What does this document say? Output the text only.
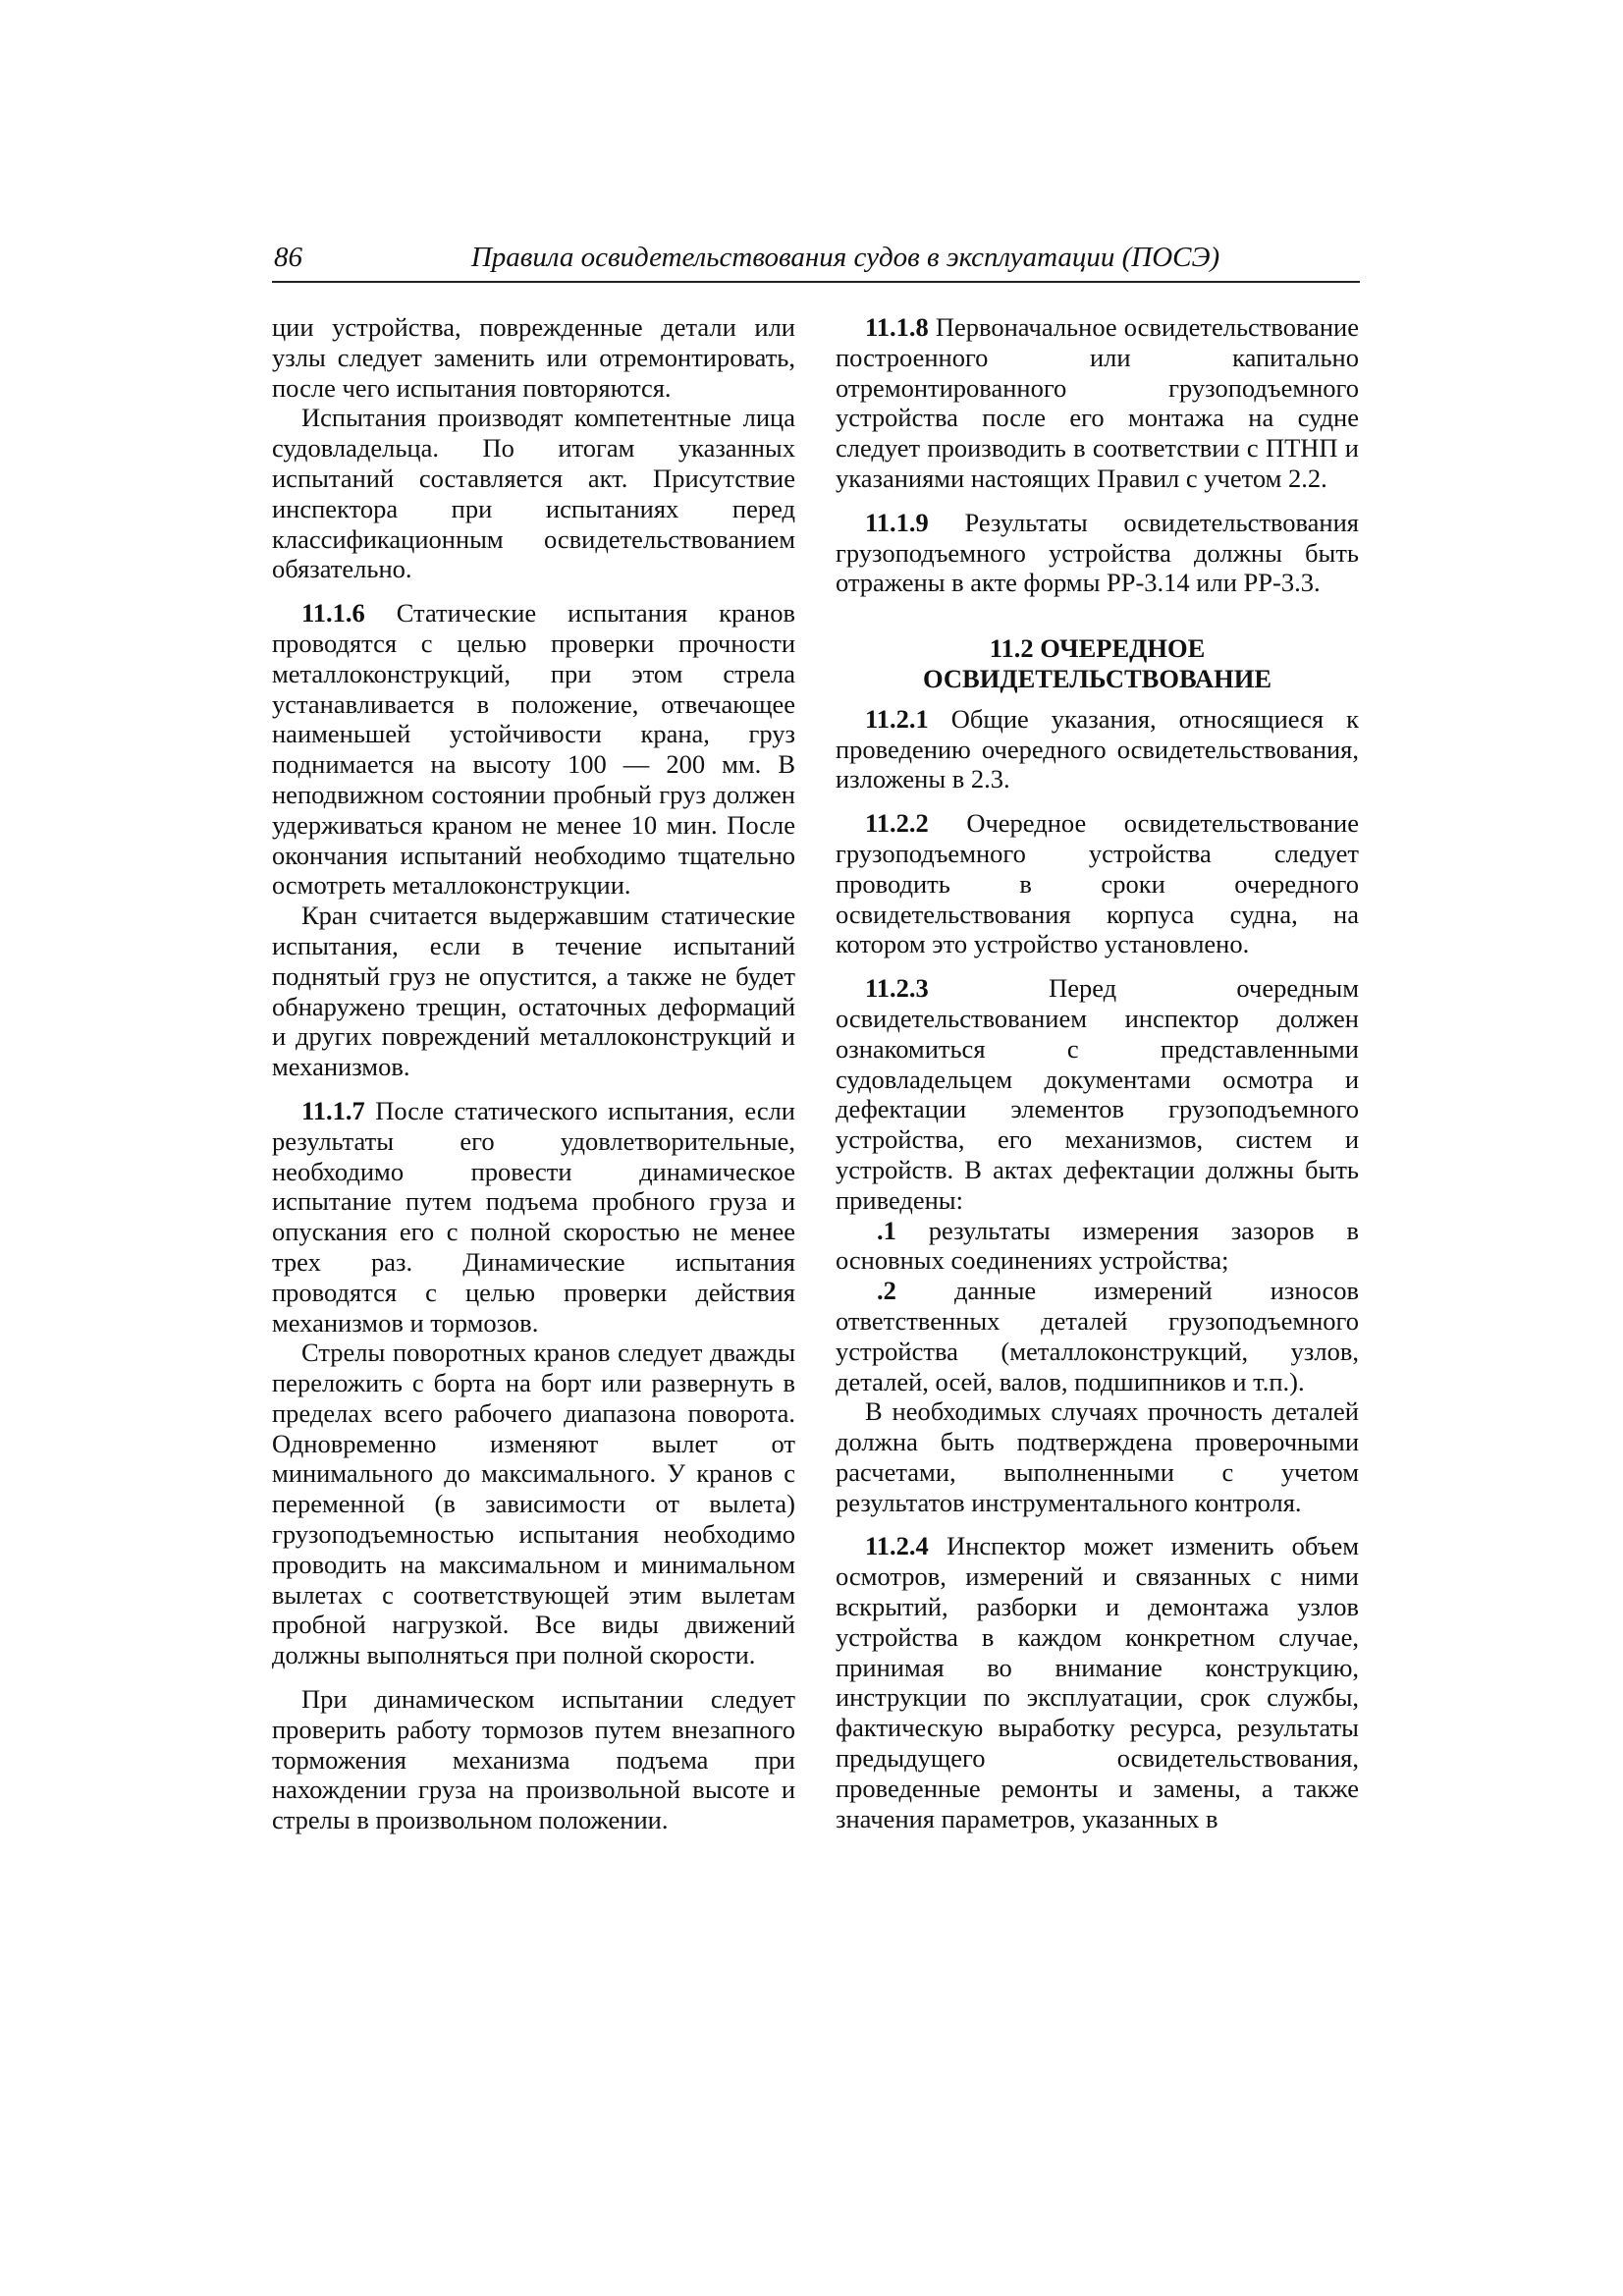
86	Правила освидетельствования судов в эксплуатации (ПОСЭ)

ции устройства, поврежденные детали или узлы следует заменить или отремонтировать, после чего испытания повторяются.

Испытания производят компетентные лица судовладельца. По итогам указанных испытаний составляется акт. Присутствие инспектора при испытаниях перед классификационным освидетельствованием обязательно.

11.1.6 Статические испытания кранов проводятся с целью проверки прочности металлоконструкций, при этом стрела устанавливается в положение, отвечающее наименьшей устойчивости крана, груз поднимается на высоту 100 — 200 мм. В неподвижном состоянии пробный груз должен удерживаться краном не менее 10 мин. После окончания испытаний необходимо тщательно осмотреть металлоконструкции.

Кран считается выдержавшим статические испытания, если в течение испытаний поднятый груз не опустится, а также не будет обнаружено трещин, остаточных деформаций и других повреждений металлоконструкций и механизмов.

11.1.7 После статического испытания, если результаты его удовлетворительные, необходимо провести динамическое испытание путем подъема пробного груза и опускания его с полной скоростью не менее трех раз. Динамические испытания проводятся с целью проверки действия механизмов и тормозов.

Стрелы поворотных кранов следует дважды переложить с борта на борт или развернуть в пределах всего рабочего диапазона поворота. Одновременно изменяют вылет от минимального до максимального. У кранов с переменной (в зависимости от вылета) грузоподъемностью испытания необходимо проводить на максимальном и минимальном вылетах с соответствующей этим вылетам пробной нагрузкой. Все виды движений должны выполняться при полной скорости.

При динамическом испытании следует проверить работу тормозов путем внезапного торможения механизма подъема при нахождении груза на произвольной высоте и стрелы в произвольном положении.

11.1.8 Первоначальное освидетельствование построенного или капитально отремонтированного грузоподъемного устройства после его монтажа на судне следует производить в соответствии с ПТНП и указаниями настоящих Правил с учетом 2.2.

11.1.9 Результаты освидетельствования грузоподъемного устройства должны быть отражены в акте формы РР-3.14 или РР-3.3.

11.2 ОЧЕРЕДНОЕ
ОСВИДЕТЕЛЬСТВОВАНИЕ

11.2.1 Общие указания, относящиеся к проведению очередного освидетельствования, изложены в 2.3.

11.2.2 Очередное освидетельствование грузоподъемного устройства следует проводить в сроки очередного освидетельствования корпуса судна, на котором это устройство установлено.

11.2.3 Перед очередным освидетельствованием инспектор должен ознакомиться с представленными судовладельцем документами осмотра и дефектации элементов грузоподъемного устройства, его механизмов, систем и устройств. В актах дефектации должны быть приведены:

.1 результаты измерения зазоров в основных соединениях устройства;

.2 данные измерений износов ответственных деталей грузоподъемного устройства (металлоконструкций, узлов, деталей, осей, валов, подшипников и т.п.).

В необходимых случаях прочность деталей должна быть подтверждена проверочными расчетами, выполненными с учетом результатов инструментального контроля.

11.2.4 Инспектор может изменить объем осмотров, измерений и связанных с ними вскрытий, разборки и демонтажа узлов устройства в каждом конкретном случае, принимая во внимание конструкцию, инструкции по эксплуатации, срок службы, фактическую выработку ресурса, результаты предыдущего освидетельствования, проведенные ремонты и замены, а также значения параметров, указанных в
